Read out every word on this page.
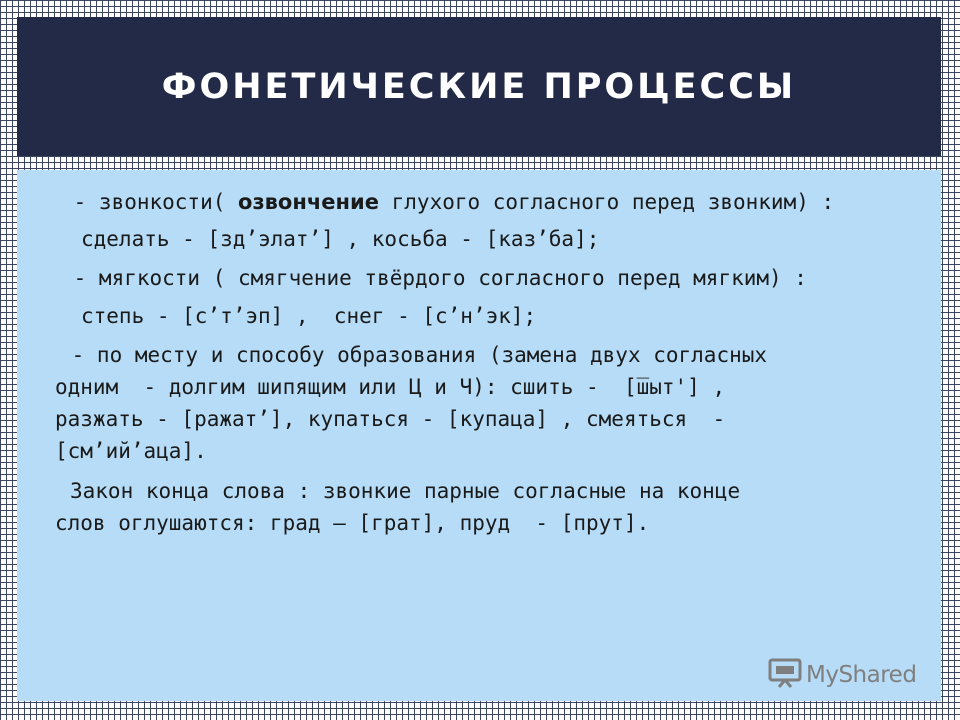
ФОНЕТИЧЕСКИЕ ПРОЦЕССЫ
- звонкости( озвончение глухого согласного перед звонким) :
сделать - [зд’элат’] , косьба - [каз’ба];
- мягкости ( смягчение твёрдого согласного перед мягким) :
степь - [с’т’эп] ,  снег - [с’н’эк];
- по месту и способу образования (замена двух согласных
одним  - долгим шипящим или Ц и Ч): сшить -  [ш̅ыт'] ,
разжать - [ражат’], купаться - [купаца] , смеяться  -
[см’ий’аца].
Закон конца слова : звонкие парные согласные на конце
слов оглушаются: град – [грат], пруд  - [прут].
MyShared
